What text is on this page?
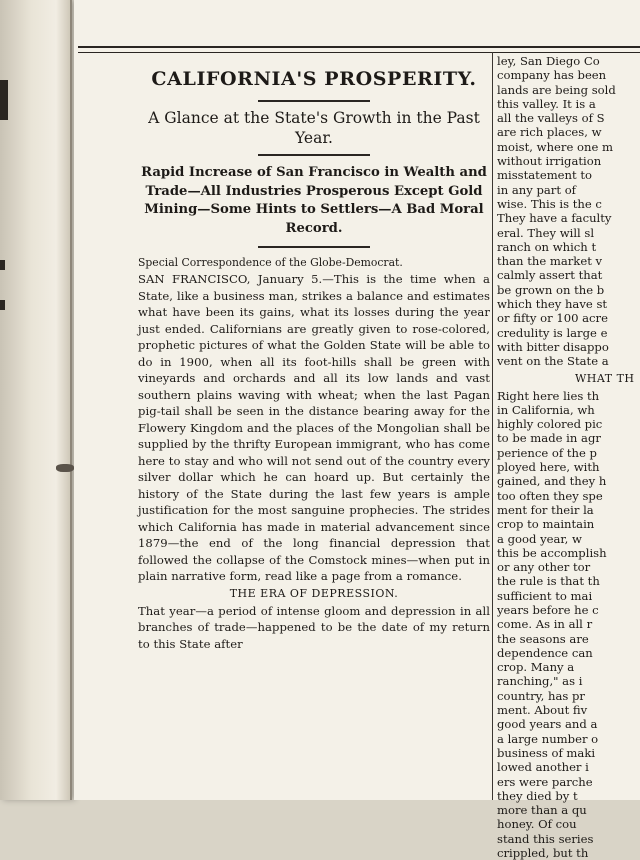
CALIFORNIA'S PROSPERITY.

A Glance at the State's Growth in the Past Year.

Rapid Increase of San Francisco in Wealth and Trade—All Industries Prosperous Except Gold Mining—Some Hints to Settlers—A Bad Moral Record.

Special Correspondence of the Globe-Democrat.

SAN FRANCISCO, January 5.—This is the time when a State, like a business man, strikes a balance and estimates what have been its gains, what its losses during the year just ended. Californians are greatly given to rose-colored, prophetic pictures of what the Golden State will be able to do in 1900, when all its foot-hills shall be green with vineyards and orchards and all its low lands and vast southern plains waving with wheat; when the last Pagan pig-tail shall be seen in the distance bearing away for the Flowery Kingdom and the places of the Mongolian shall be supplied by the thrifty European immigrant, who has come here to stay and who will not send out of the country every silver dollar which he can hoard up. But certainly the history of the State during the last few years is ample justification for the most sanguine prophecies. The strides which California has made in material advancement since 1879—the end of the long financial depression that followed the collapse of the Comstock mines—when put in plain narrative form, read like a page from a romance.

THE ERA OF DEPRESSION.

That year—a period of intense gloom and depression in all branches of trade—happened to be the date of my return to this State after

ley, San Diego Co

company has been

lands are being sold

this valley. It is a

all the valleys of S

are rich places, w

moist, where one m

without irrigation

misstatement to

in any part of

wise. This is the c

They have a faculty

eral. They will sl

ranch on which t

than the market v

calmly assert that

be grown on the b

which they have st

or fifty or 100 acre

credulity is large e

with bitter disappo

vent on the State a

WHAT TH

Right here lies th

in California, wh

highly colored pic

to be made in agr

perience of the p

ployed here, with

gained, and they h

too often they spe

ment for their la

crop to maintain

a good year, w

this be accomplish

or any other tor

the rule is that th

sufficient to mai

years before he c

come. As in all r

the seasons are

dependence can

crop. Many a

ranching," as i

country, has pr

ment. About fiv

good years and a

a large number o

business of maki

lowed another i

ers were parche

they died by t

more than a qu

honey. Of cou

stand this series

crippled, but th
